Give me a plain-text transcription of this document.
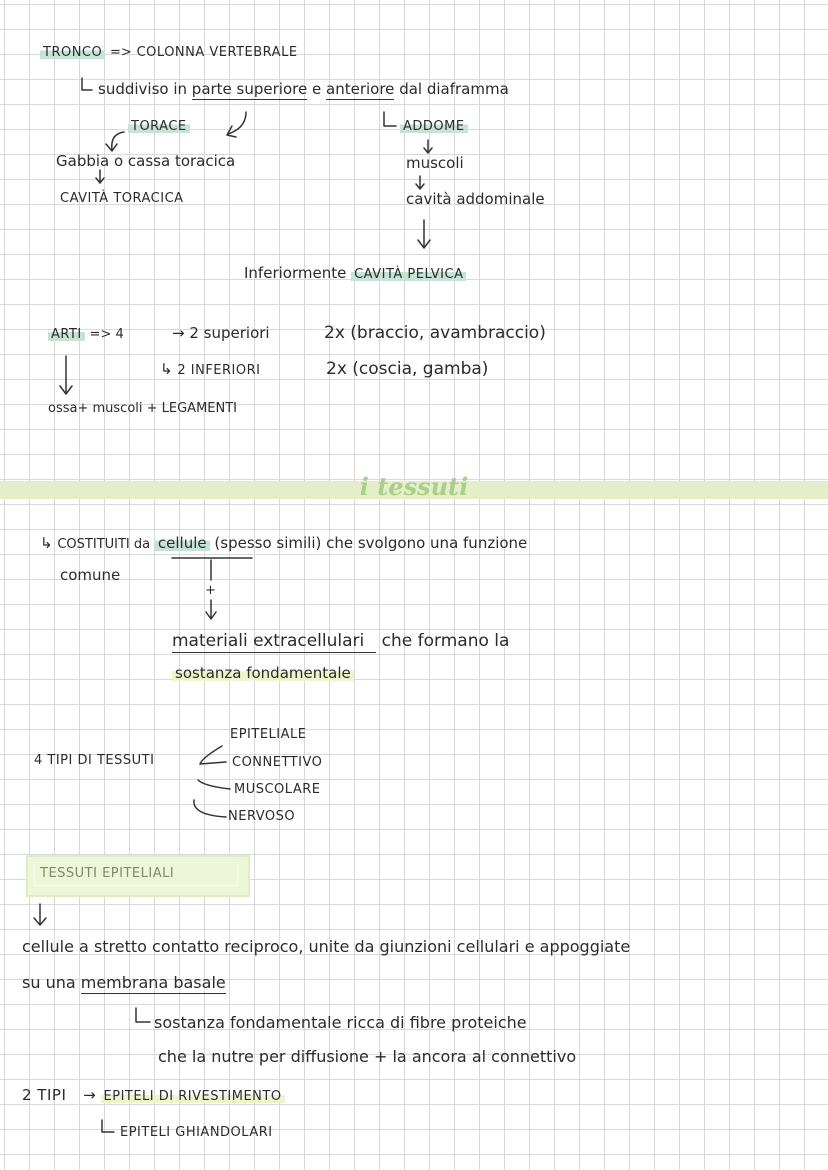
i tessuti
TRONCO => COLONNA VERTEBRALE
suddiviso in parte superiore e anteriore dal diaframma
TORACE
Gabbia o cassa toracica
CAVITÀ TORACICA
ADDOME
muscoli
cavità addominale
Inferiormente CAVITÀ PELVICA
ARTI => 4	→ 2 superiori	2x (braccio, avambraccio)
↳ 2 INFERIORI	2x (coscia, gamba)
ossa+ muscoli + LEGAMENTI
↳ COSTITUITI da cellule (spesso simili) che svolgono una funzione
comune
+
materiali extracellulari che formano la
sostanza fondamentale
4 TIPI DI TESSUTI
EPITELIALE
CONNETTIVO
MUSCOLARE
NERVOSO
TESSUTI EPITELIALI
cellule a stretto contatto reciproco, unite da giunzioni cellulari e appoggiate
su una membrana basale
sostanza fondamentale ricca di fibre proteiche
che la nutre per diffusione + la ancora al connettivo
2 TIPI → EPITELI DI RIVESTIMENTO
EPITELI GHIANDOLARI
